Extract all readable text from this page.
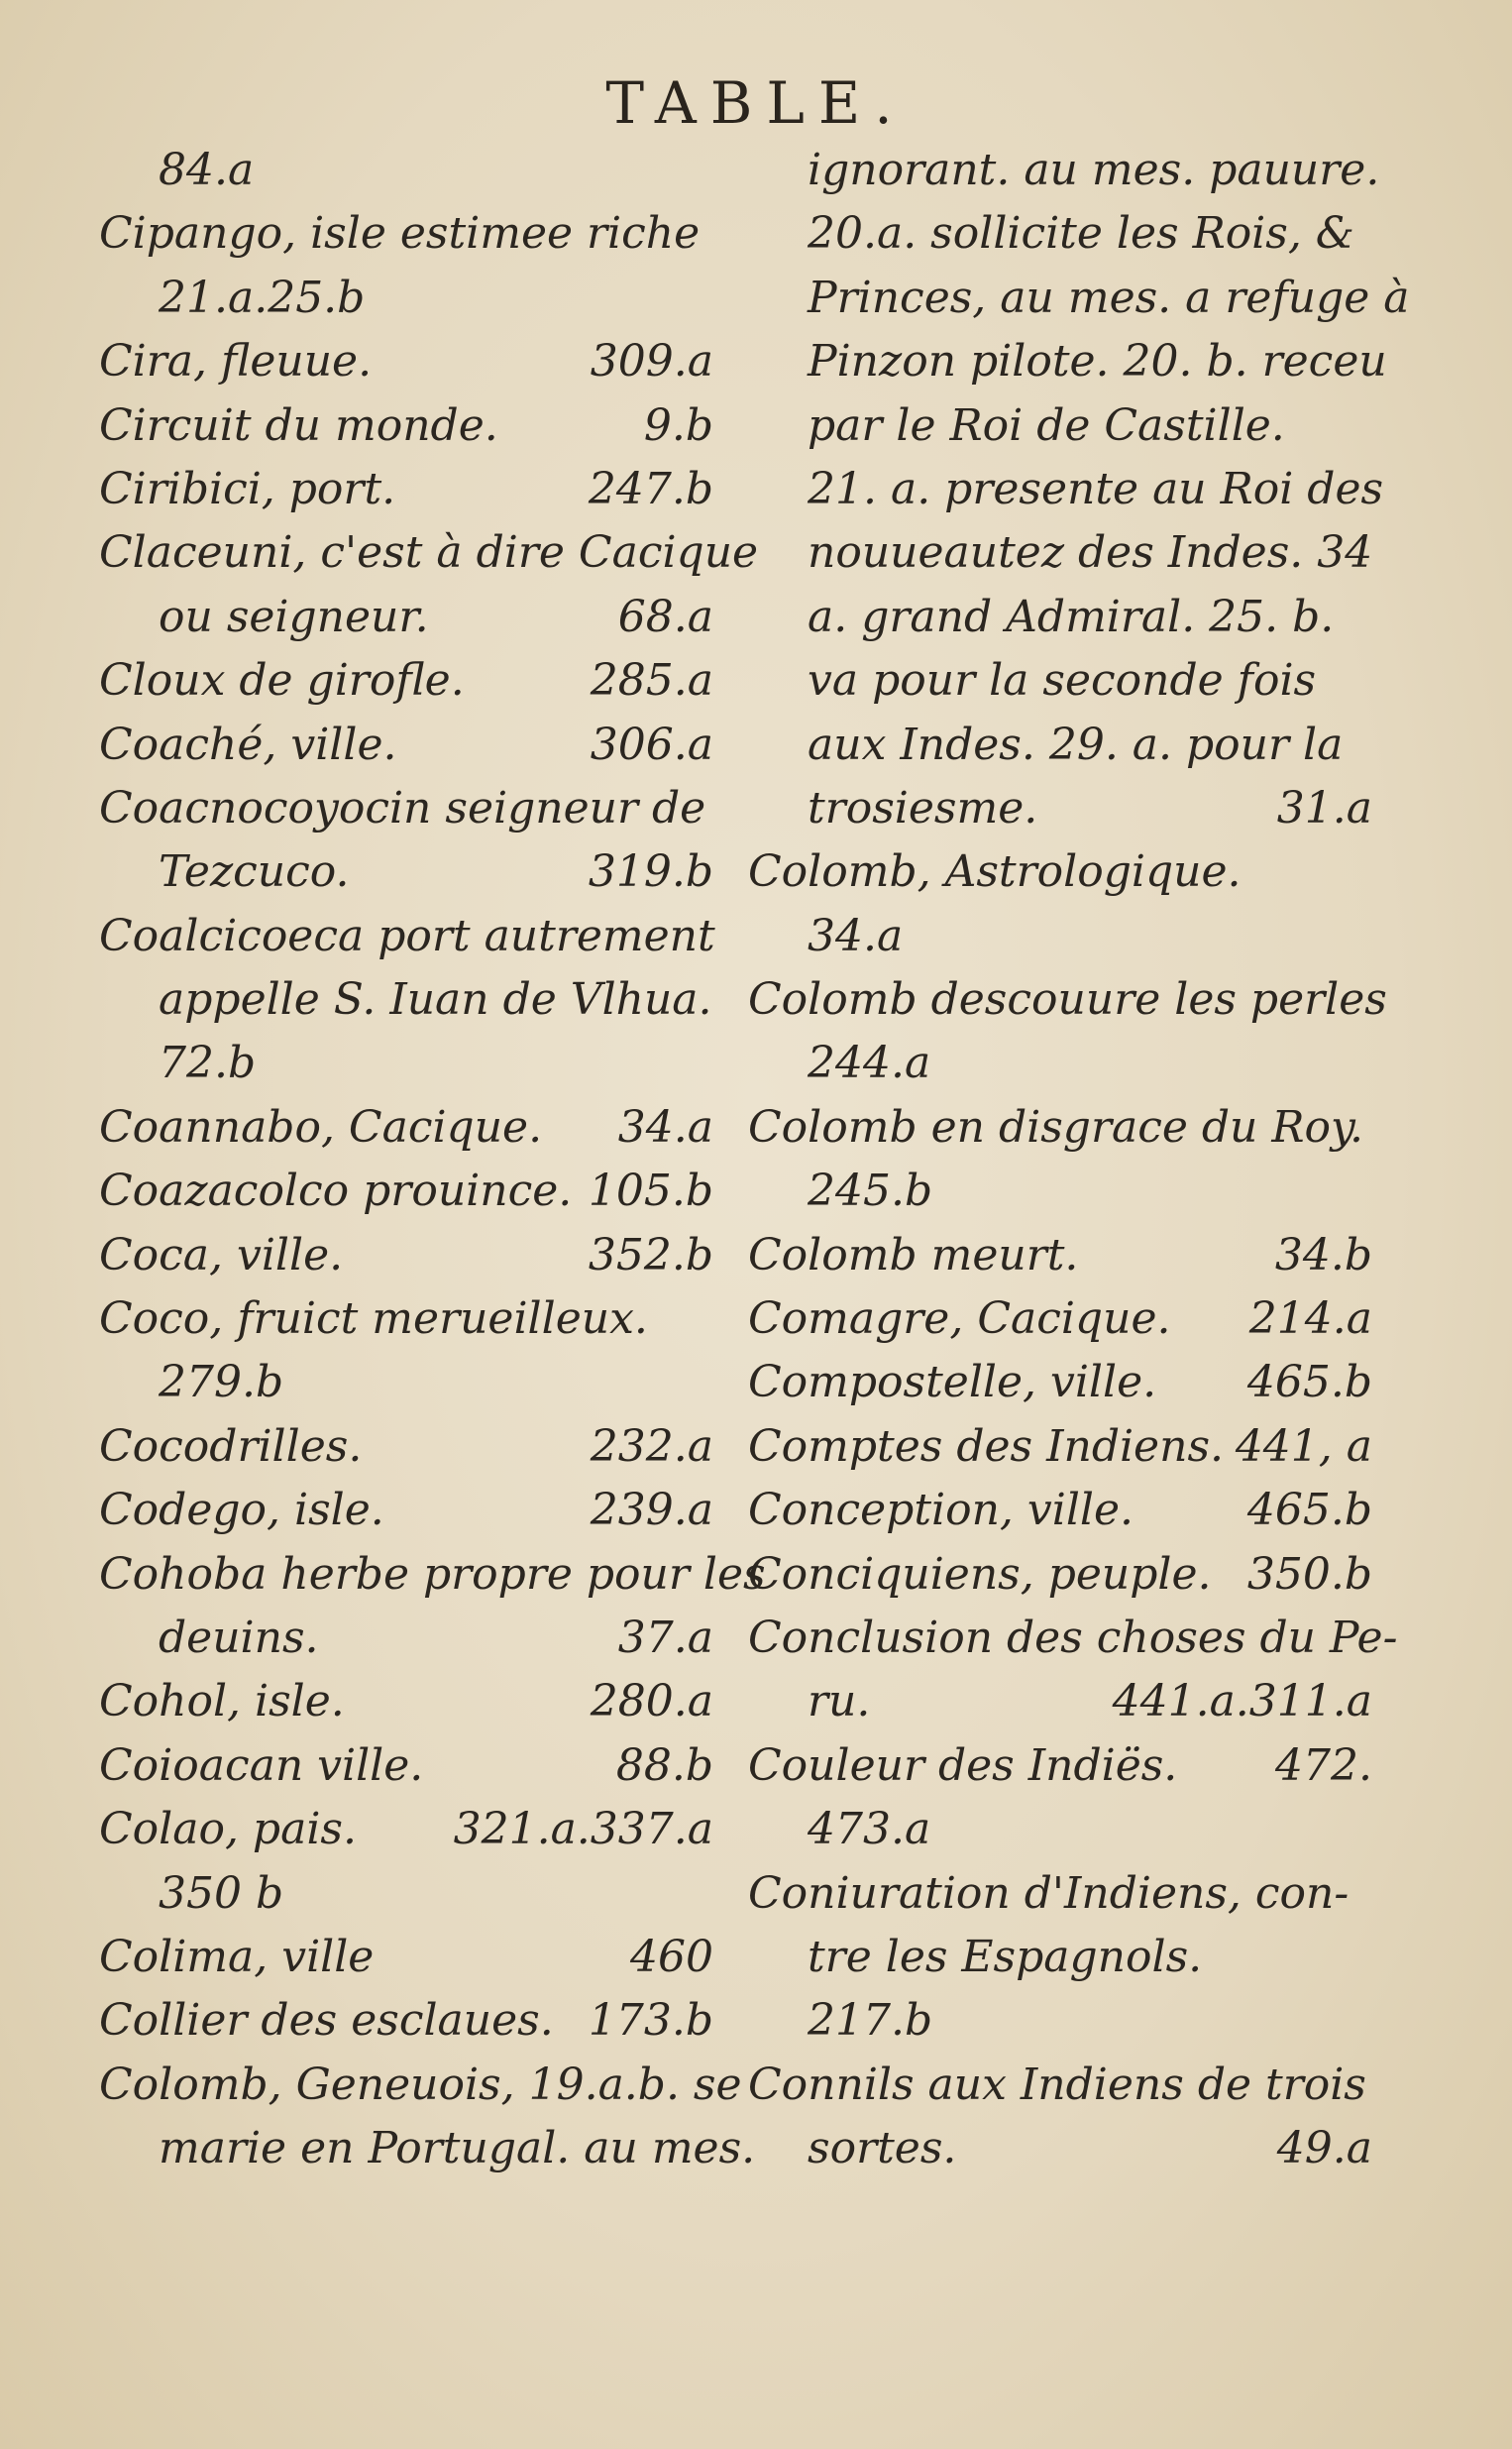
TABLE.
84.a
Cipango, isle estimee riche
21.a.25.b
Cira, fleuue.	309.a
Circuit du monde.	9.b
Ciribici, port.	247.b
Claceuni, c'est à dire Cacique
ou seigneur.	68.a
Cloux de girofle.	285.a
Coaché, ville.	306.a
Coacnocoyocin seigneur de
Tezcuco.	319.b
Coalcicoeca port autrement
appelle S. Iuan de Vlhua.
72.b
Coannabo, Cacique. 34.a
Coazacolco prouince. 105.b
Coca, ville.	352.b
Coco, fruict merueilleux.
279.b
Cocodrilles.	232.a
Codego, isle.	239.a
Cohoba herbe propre pour les
deuins.	37.a
Cohol, isle.	280.a
Coioacan ville.	88.b
Colao, pais. 321.a.337.a
350 b
Colima, ville	460
Collier des esclaues. 173.b
Colomb, Geneuois, 19.a.b. se
marie en Portugal. au mes.
ignorant. au mes. pauure.
20.a. sollicite les Rois, &
Princes, au mes. a refuge à
Pinzon pilote. 20. b. receu
par le Roi de Castille.
21. a. presente au Roi des
nouueautez des Indes. 34
a. grand Admiral. 25. b.
va pour la seconde fois
aux Indes. 29. a. pour la
trosiesme.	31.a
Colomb, Astrologique.
34.a
Colomb descouure les perles
244.a
Colomb en disgrace du Roy.
245.b
Colomb meurt.	34.b
Comagre, Cacique. 214.a
Compostelle, ville. 465.b
Comptes des Indiens. 441, a
Conception, ville.	465.b
Conciquiens, peuple. 350.b
Conclusion des choses du Pe-
ru.	441.a.311.a
Couleur des Indiës. 472.
473.a
Coniuration d'Indiens, con-
tre les Espagnols.
217.b
Connils aux Indiens de trois
sortes.	49.a
